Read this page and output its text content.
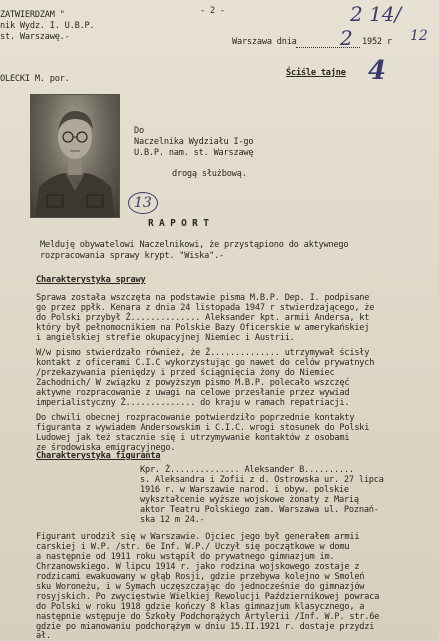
- 2 -	2 14/
12
2
4
13
ZATWIERDZAM "
nik Wydz. I. U.B.P.
st. Warszawę.-
OLECKI M. por.
Warszawa dnia	1952 r
Ściśle tajne
Do
Naczelnika Wydziału I-go
U.B.P. nam. st. Warszawę
drogą służbową.
R A P O R T
Melduję obywatelowi Naczelnikowi, że przystąpiono do aktywnego
rozpracowania sprawy krypt. "Wiska".-
Charakterystyka sprawy
Sprawa została wszczęta na podstawie pisma M.B.P. Dep. I. podpisane
go przez ppłk. Kenara z dnia 24 listopada 1947 r stwierdzającego, że
do Polski przybył Ż.............. Aleksander kpt. armii Andersa, kt
który był pełnomocnikiem na Polskie Bazy Oficerskie w amerykańskiej
i angielskiej strefie okupacyjnej Niemiec i Austrii.
W/w pismo stwierdzało również, że Ż.............. utrzymywał ścisły
kontakt z oficerami C.I.C wykorzystując go nawet do celów prywatnych
/przekazywania pieniędzy i przed ściągnięcia żony do Niemiec
Zachodnich/ W związku z powyższym pismo M.B.P. polecało wszczęć
aktywne rozpracowanie z uwagi na celowe przesłanie przez wywiad
imperialistyczny Ż.............. do kraju w ramach repatriacji.
Do chwili obecnej rozpracowanie potwierdziło poprzednie kontakty
figuranta z wywiadem Andersowskim i C.I.C. wrogi stosunek do Polski
Ludowej jak też stacznie się i utrzymywanie kontaktów z osobami
ze środowiska emigracyjnego.
Charakterystyka figuranta
Kpr. Ż.............. Aleksander B..........
s. Aleksandra i Zofii z d. Ostrowska ur. 27 lipca
1916 r. w Warszawie narod. i obyw. polskie
wykształcenie wyższe wojskowe żonaty z Marią
aktor Teatru Polskiego zam. Warszawa ul. Poznań-
ska 12 m 24.-
Figurant urodził się w Warszawie. Ojciec jego był generałem armii
carskiej i W.P. /str. 6e Inf. W.P./ Uczył się początkowe w domu
a następnie od 1911 roku wstąpił do prywatnego gimnazjum im.
Chrzanowskiego. W lipcu 1914 r. jako rodzina wojskowego zostaje z
rodzicami ewakuowany w głąb Rosji, gdzie przebywa kolejno w Smoleń
sku Woroneżu, i w Symach uczęszczając do jednocześnie do gimnazjów
rosyjskich. Po zwycięstwie Wielkiej Rewolucji Październikowej powraca
do Polski w roku 1918 gdzie kończy 8 klas gimnazjum klasycznego, a
następnie wstępuje do Szkoły Podchorążych Artylerii /Inf. W.P. str.6e
gdzie po mianowaniu podchorążym w dniu 15.II.1921 r. dostaje przydzi
ał.
